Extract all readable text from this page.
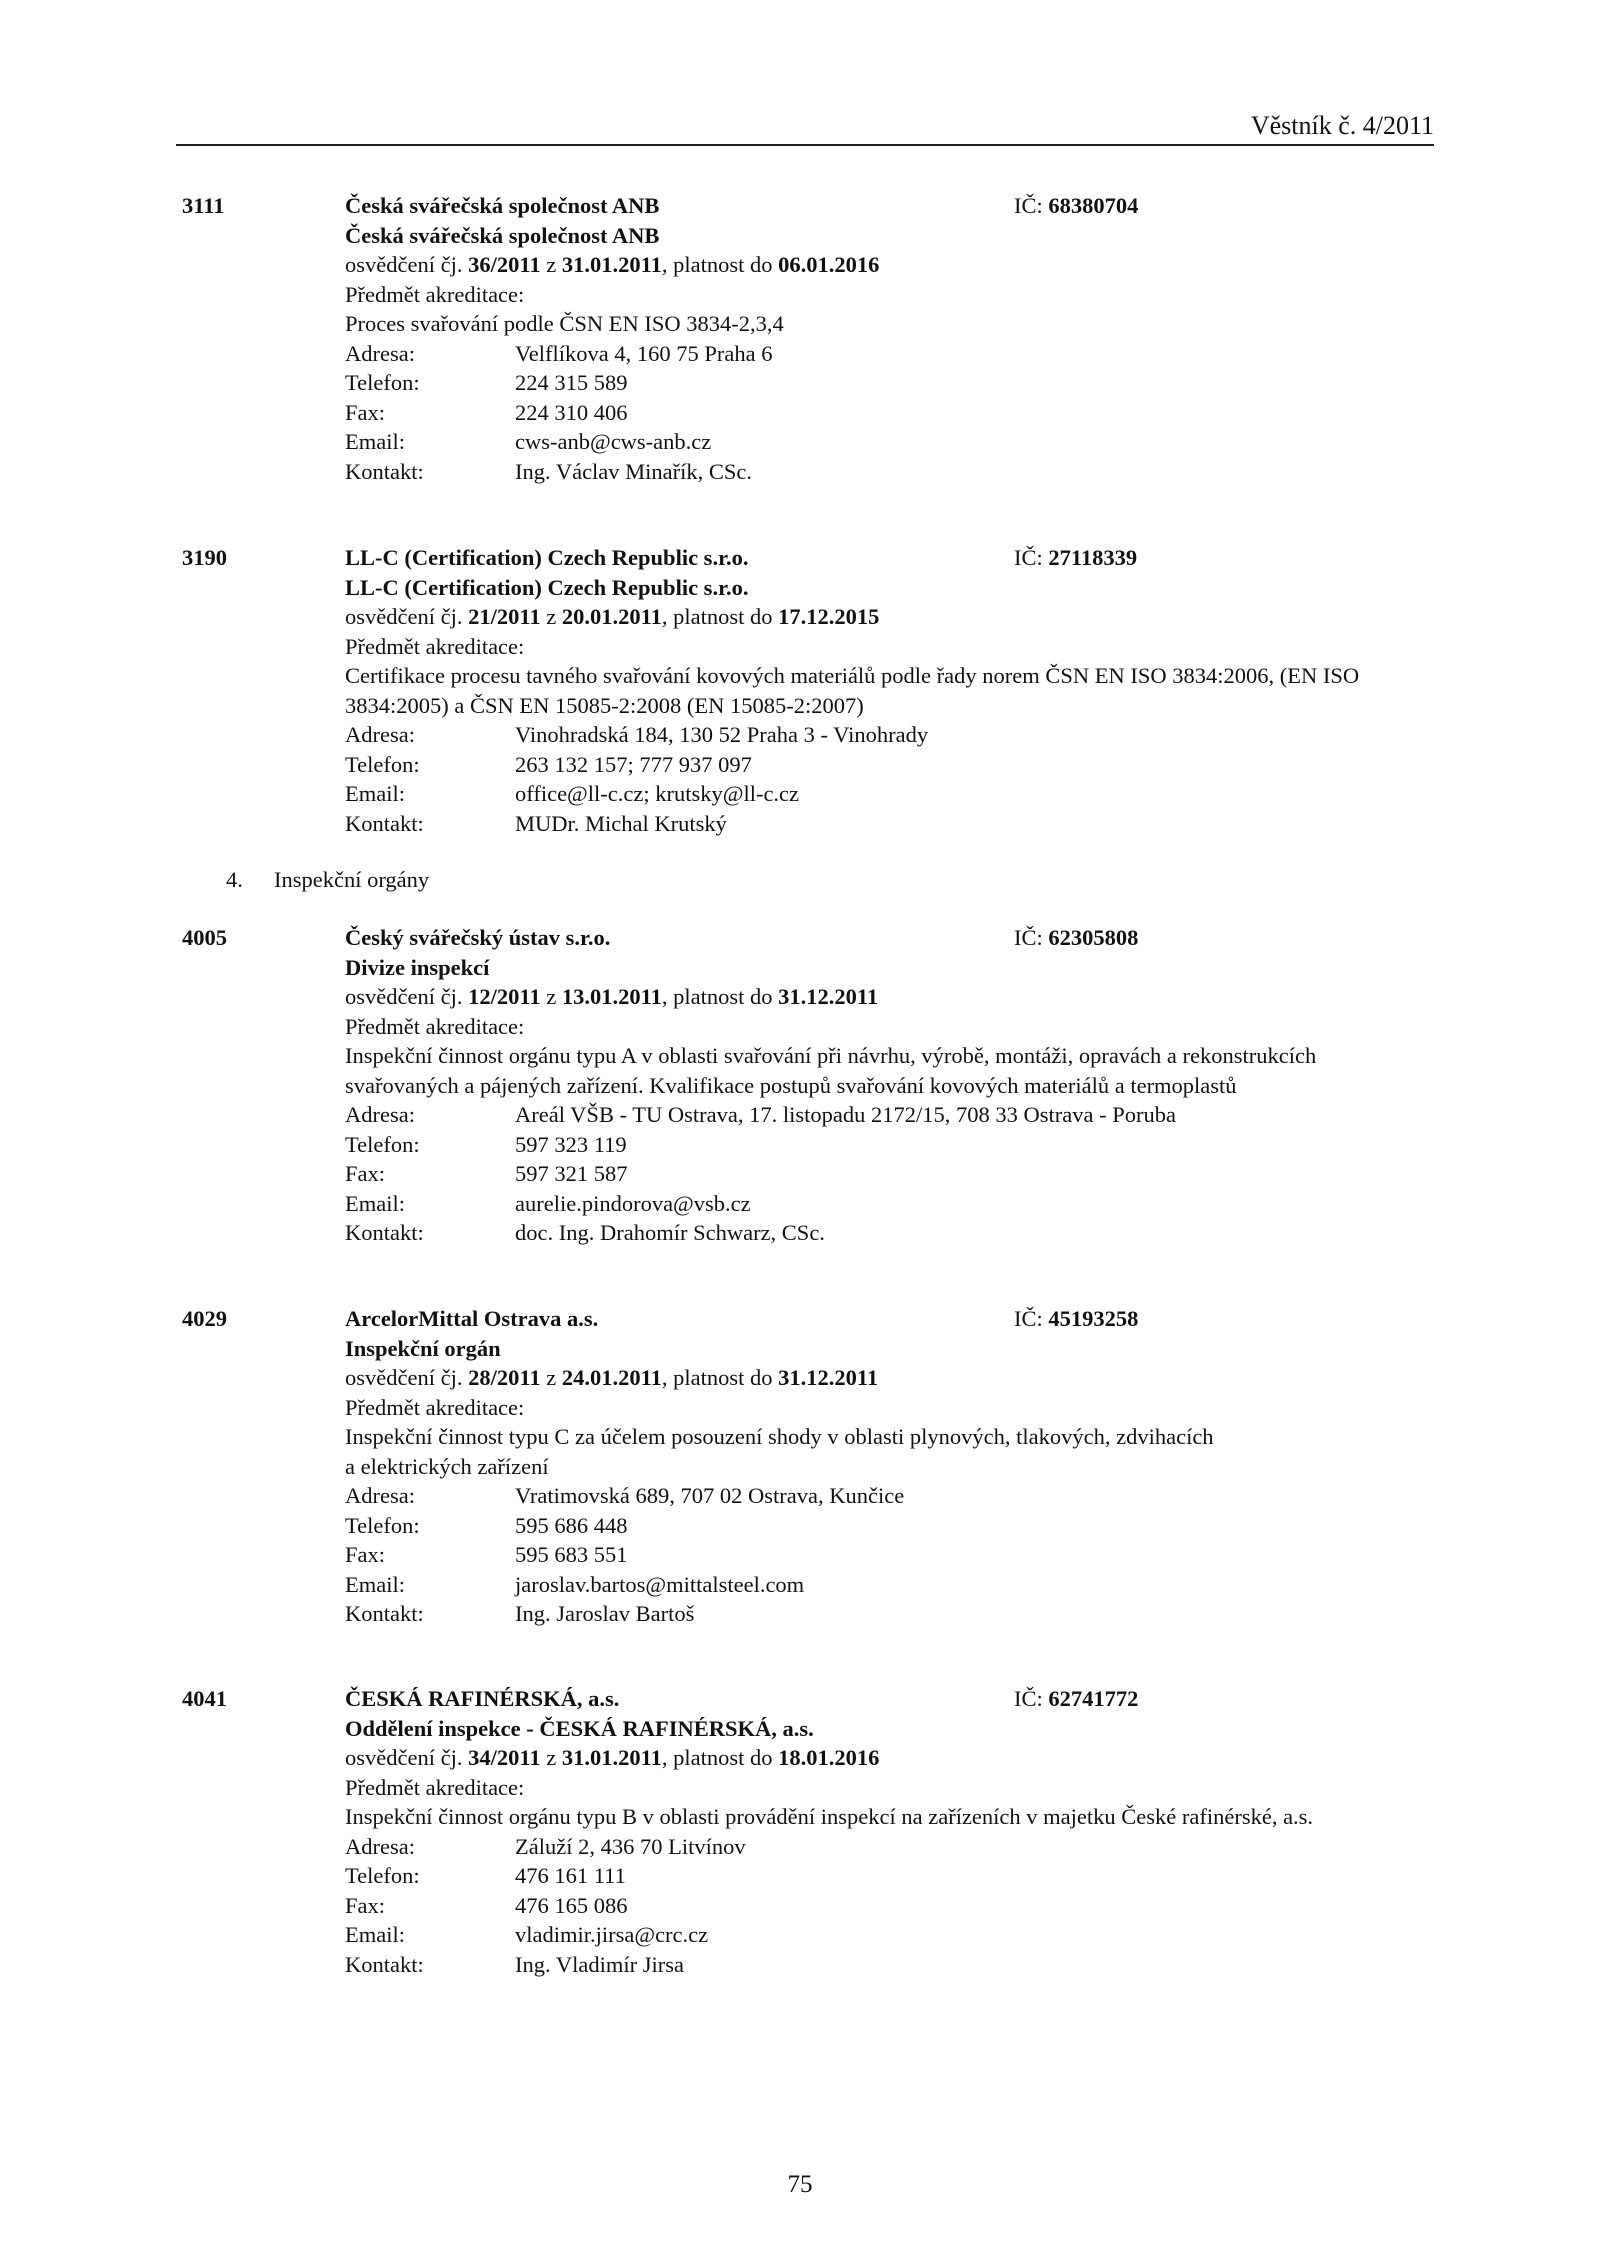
Věstník č. 4/2011
3111	IČ: 68380704
Česká svářečská společnost ANB
Česká svářečská společnost ANB
osvědčení čj. 36/2011 z 31.01.2011, platnost do 06.01.2016
Předmět akreditace:
Proces svařování podle ČSN EN ISO 3834-2,3,4
Adresa:	Velflíkova 4, 160 75 Praha 6
Telefon:	224 315 589
Fax:	224 310 406
Email:	cws-anb@cws-anb.cz
Kontakt:	Ing. Václav Minařík, CSc.
3190	IČ: 27118339
LL-C (Certification) Czech Republic s.r.o.
LL-C (Certification) Czech Republic s.r.o.
osvědčení čj. 21/2011 z 20.01.2011, platnost do 17.12.2015
Předmět akreditace:
Certifikace procesu tavného svařování kovových materiálů podle řady norem ČSN EN ISO 3834:2006, (EN ISO 3834:2005) a ČSN EN 15085-2:2008 (EN 15085-2:2007)
Adresa:	Vinohradská 184, 130 52 Praha 3 - Vinohrady
Telefon:	263 132 157; 777 937 097
Email:	office@ll-c.cz; krutsky@ll-c.cz
Kontakt:	MUDr. Michal Krutský
4. Inspekční orgány
4005	IČ: 62305808
Český svářečský ústav s.r.o.
Divize inspekcí
osvědčení čj. 12/2011 z 13.01.2011, platnost do 31.12.2011
Předmět akreditace:
Inspekční činnost orgánu typu A v oblasti svařování při návrhu, výrobě, montáži, opravách a rekonstrukcích svařovaných a pájených zařízení. Kvalifikace postupů svařování kovových materiálů a termoplastů
Adresa:	Areál VŠB - TU Ostrava, 17. listopadu 2172/15, 708 33 Ostrava - Poruba
Telefon:	597 323 119
Fax:	597 321 587
Email:	aurelie.pindorova@vsb.cz
Kontakt:	doc. Ing. Drahomír Schwarz, CSc.
4029	IČ: 45193258
ArcelorMittal Ostrava a.s.
Inspekční orgán
osvědčení čj. 28/2011 z 24.01.2011, platnost do 31.12.2011
Předmět akreditace:
Inspekční činnost typu C za účelem posouzení shody v oblasti plynových, tlakových, zdvihacích
a elektrických zařízení
Adresa:	Vratimovská 689, 707 02 Ostrava, Kunčice
Telefon:	595 686 448
Fax:	595 683 551
Email:	jaroslav.bartos@mittalsteel.com
Kontakt:	Ing. Jaroslav Bartoš
4041	IČ: 62741772
ČESKÁ RAFINÉRSKÁ, a.s.
Oddělení inspekce - ČESKÁ RAFINÉRSKÁ, a.s.
osvědčení čj. 34/2011 z 31.01.2011, platnost do 18.01.2016
Předmět akreditace:
Inspekční činnost orgánu typu B v oblasti provádění inspekcí na zařízeních v majetku České rafinérské, a.s.
Adresa:	Záluží 2, 436 70 Litvínov
Telefon:	476 161 111
Fax:	476 165 086
Email:	vladimir.jirsa@crc.cz
Kontakt:	Ing. Vladimír Jirsa
75
